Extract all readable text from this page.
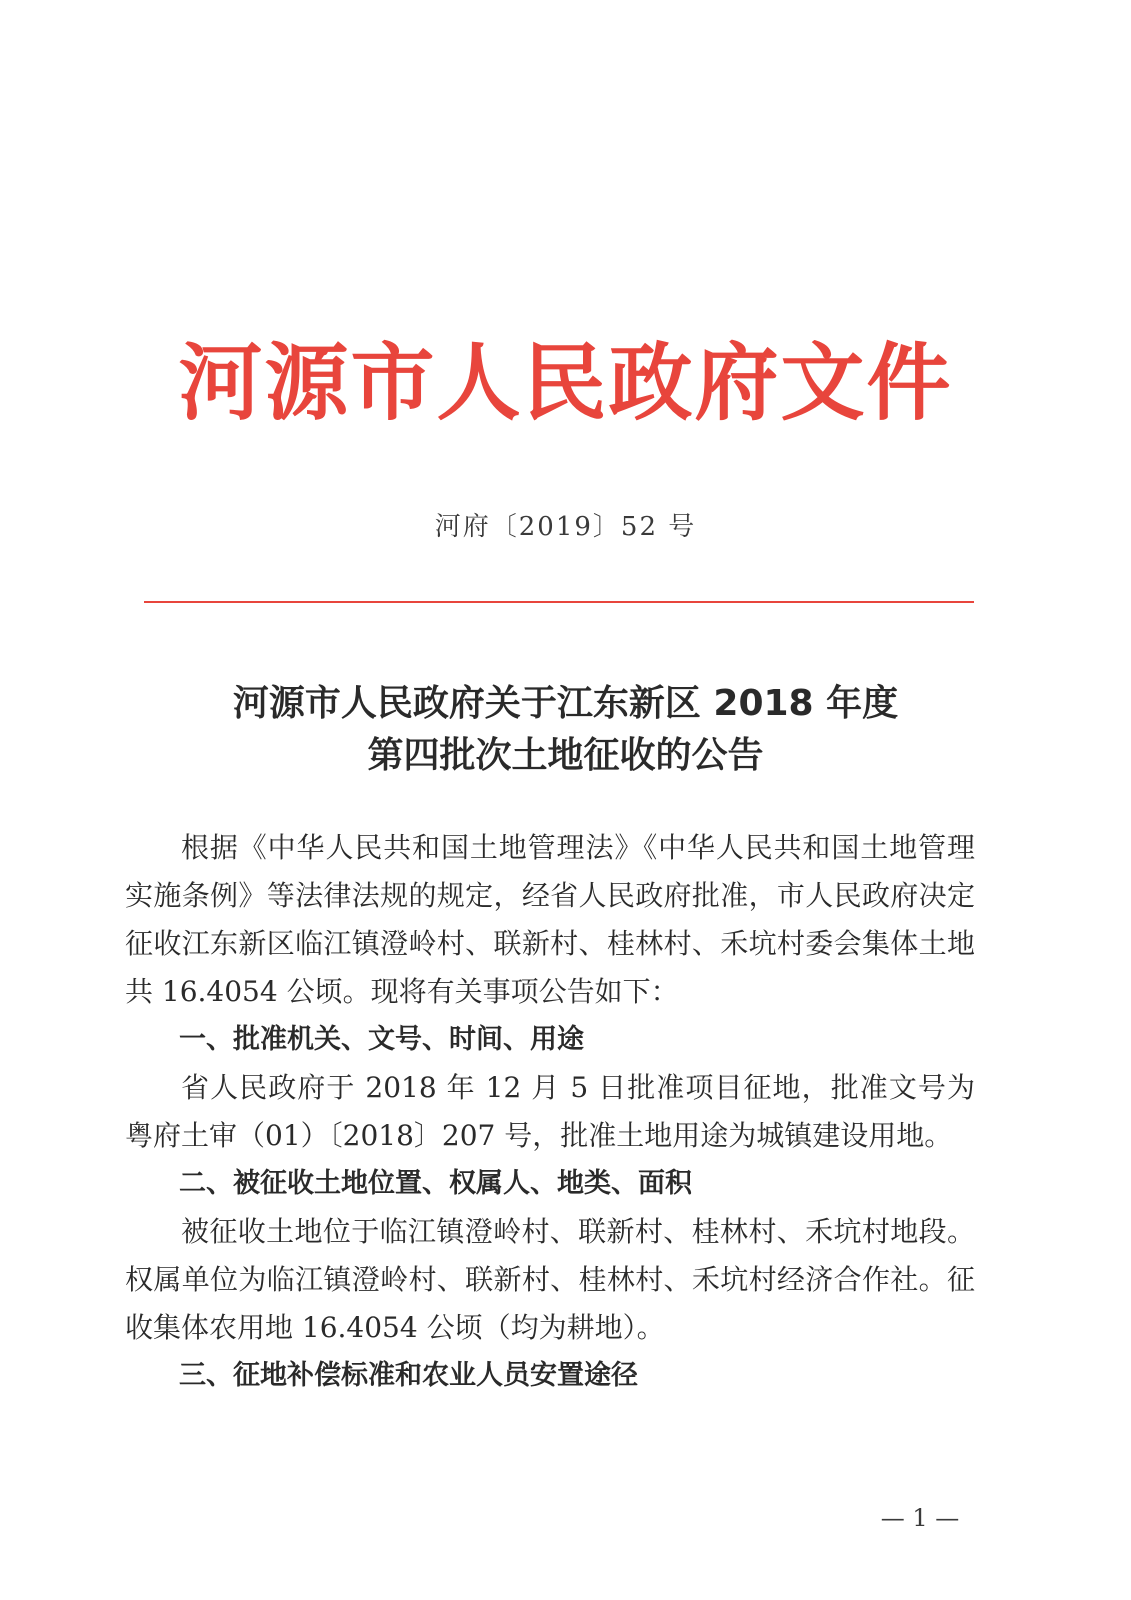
河源市人民政府文件
河府〔2019〕52 号
河源市人民政府关于江东新区 2018 年度
第四批次土地征收的公告

根据《中华人民共和国土地管理法》《中华人民共和国土地管理实施条例》等法律法规的规定，经省人民政府批准，市人民政府决定征收江东新区临江镇澄岭村、联新村、桂林村、禾坑村委会集体土地共 16.4054 公顷。现将有关事项公告如下：

一、批准机关、文号、时间、用途

省人民政府于 2018 年 12 月 5 日批准项目征地，批准文号为粤府土审（01）〔2018〕207 号，批准土地用途为城镇建设用地。

二、被征收土地位置、权属人、地类、面积

被征收土地位于临江镇澄岭村、联新村、桂林村、禾坑村地段。权属单位为临江镇澄岭村、联新村、桂林村、禾坑村经济合作社。征收集体农用地 16.4054 公顷（均为耕地）。

三、征地补偿标准和农业人员安置途径
— 1 —
